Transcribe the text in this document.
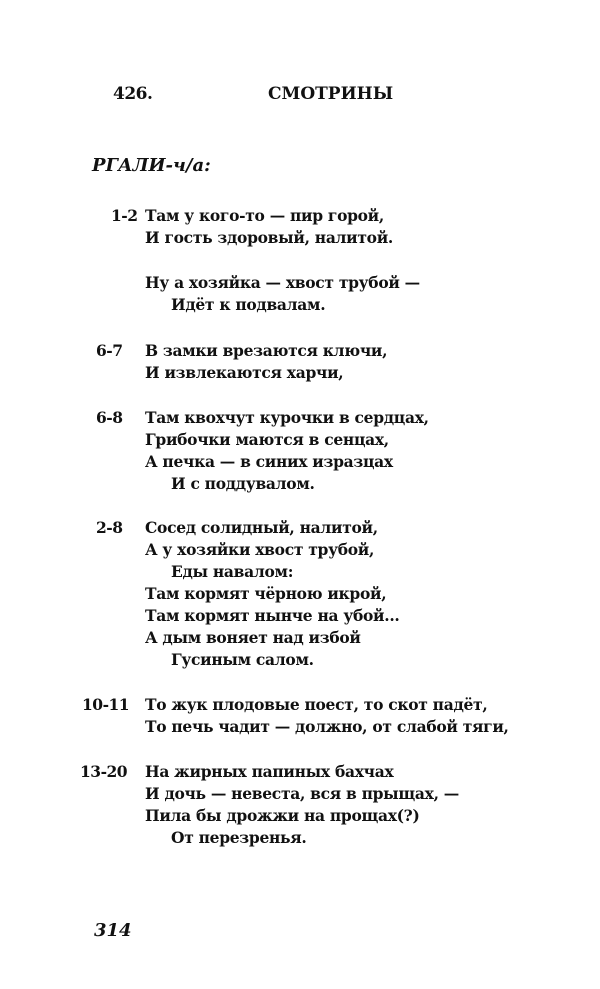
426.	СМОТРИНЫ
РГАЛИ-ч/а:
1-2 Там у кого-то — пир горой,
И гость здоровый, налитой.
Ну а хозяйка — хвост трубой —
Идёт к подвалам.
6-7 В замки врезаются ключи,
И извлекаются харчи,
6-8 Там квохчут курочки в сердцах,
Грибочки маются в сенцах,
А печка — в синих изразцах
И с поддувалом.
2-8 Сосед солидный, налитой,
А у хозяйки хвост трубой,
Еды навалом:
Там кормят чёрною икрой,
Там кормят нынче на убой...
А дым воняет над избой
Гусиным салом.
10-11 То жук плодовые поест, то скот падёт,
То печь чадит — должно, от слабой тяги,
13-20 На жирных папиных бахчах
И дочь — невеста, вся в прыщах, —
Пила бы дрожжи на прощах(?)
От перезренья.
314
